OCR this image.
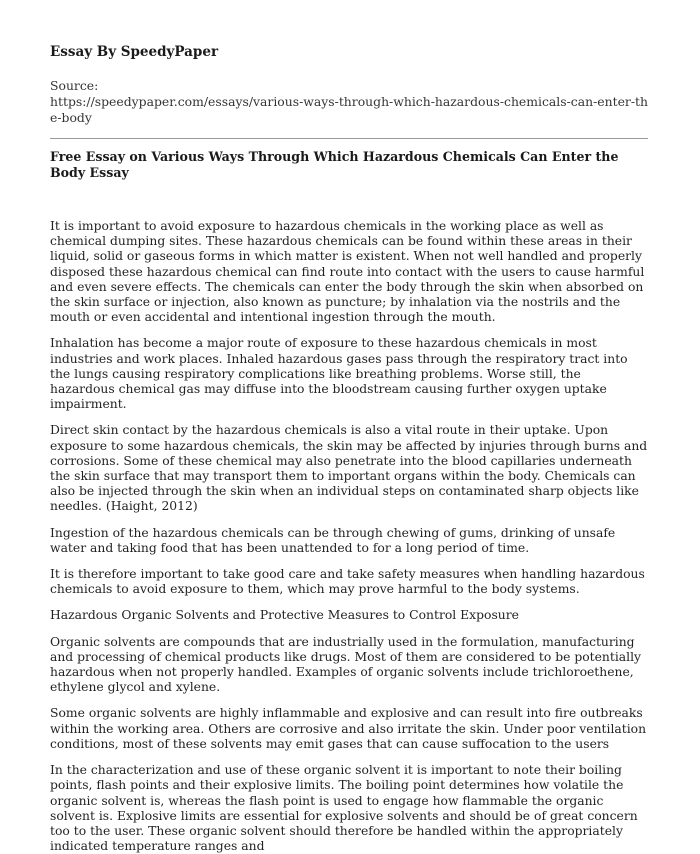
Essay By SpeedyPaper
Source:
https://speedypaper.com/essays/various-ways-through-which-hazardous-chemicals-can-enter-the-body
Free Essay on Various Ways Through Which Hazardous Chemicals Can Enter the Body Essay

It is important to avoid exposure to hazardous chemicals in the working place as well as chemical dumping sites. These hazardous chemicals can be found within these areas in their liquid, solid or gaseous forms in which matter is existent. When not well handled and properly disposed these hazardous chemical can find route into contact with the users to cause harmful and even severe effects. The chemicals can enter the body through the skin when absorbed on the skin surface or injection, also known as puncture; by inhalation via the nostrils and the mouth or even accidental and intentional ingestion through the mouth.

Inhalation has become a major route of exposure to these hazardous chemicals in most industries and work places. Inhaled hazardous gases pass through the respiratory tract into the lungs causing respiratory complications like breathing problems. Worse still, the hazardous chemical gas may diffuse into the bloodstream causing further oxygen uptake impairment.

Direct skin contact by the hazardous chemicals is also a vital route in their uptake. Upon exposure to some hazardous chemicals, the skin may be affected by injuries through burns and corrosions. Some of these chemical may also penetrate into the blood capillaries underneath the skin surface that may transport them to important organs within the body. Chemicals can also be injected through the skin when an individual steps on contaminated sharp objects like needles. (Haight, 2012)

Ingestion of the hazardous chemicals can be through chewing of gums, drinking of unsafe water and taking food that has been unattended to for a long period of time.

It is therefore important to take good care and take safety measures when handling hazardous chemicals to avoid exposure to them, which may prove harmful to the body systems.

Hazardous Organic Solvents and Protective Measures to Control Exposure

Organic solvents are compounds that are industrially used in the formulation, manufacturing and processing of chemical products like drugs. Most of them are considered to be potentially hazardous when not properly handled. Examples of organic solvents include trichloroethene, ethylene glycol and xylene.

Some organic solvents are highly inflammable and explosive and can result into fire outbreaks within the working area. Others are corrosive and also irritate the skin. Under poor ventilation conditions, most of these solvents may emit gases that can cause suffocation to the users

In the characterization and use of these organic solvent it is important to note their boiling points, flash points and their explosive limits. The boiling point determines how volatile the organic solvent is, whereas the flash point is used to engage how flammable the organic solvent is. Explosive limits are essential for explosive solvents and should be of great concern too to the user. These organic solvent should therefore be handled within the appropriately indicated temperature ranges and
